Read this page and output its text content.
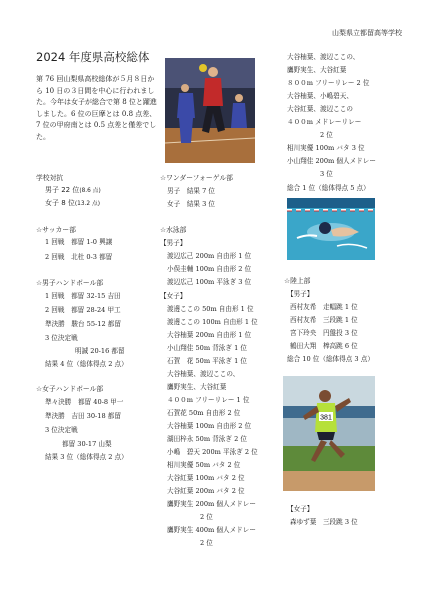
山梨県立都留高等学校
2024 年度県高校総体
第 76 回山梨県高校総体が５月８日から 10 日の３日間を中心に行われました。今年は女子が総合で第 8 位と躍進しました。6 位の巨摩とは 0.8 点差、7 位の甲府南とは 0.5 点差と僅差でした。
学校対抗
男子 22 位(8.6 点)
女子 8 位(13.2 点)
☆サッカー部
1 回戦　都留 1‐0 興譲
2 回戦　北杜 0‐3 都留
☆男子ハンドボール部
1 回戦　都留 32‐15 吉田
2 回戦　都留 28‐24 甲工
準決勝　駿台 55‐12 都留
3 位決定戦
明誠 20‐16 都留
結果 4 位（総体得点 2 点）
☆女子ハンドボール部
準々決勝　都留 40‐8 甲一
準決勝　吉田 30‐18 都留
3 位決定戦
都留 30‐17 山梨
結果 3 位（総体得点 2 点）
☆ワンダーフォーゲル部
男子　結果 7 位
女子　結果 3 位
☆水泳部
【男子】
渡辺広己 200m 自由形 1 位
小俣圭輔 100m 自由形 2 位
渡辺広己 100m 平泳ぎ 3 位
【女子】
渡邊ここの 50m 自由形 1 位
渡邊ここの 100m 自由形 1 位
大谷柚葉 200m 自由形 1 位
小山翔佳 50m 背泳ぎ 1 位
石賀　花 50m 平泳ぎ 1 位
大谷柚葉、渡辺ここの、
鷹野実生、大谷紅葉
４００m フリーリレー 1 位
石賀花 50m 自由形 2 位
大谷柚葉 100m 自由形 2 位
湖田梓永 50m 背泳ぎ 2 位
小嶋　碧天 200m 平泳ぎ 2 位
相川実優 50m バタ 2 位
大谷紅葉 100m バタ 2 位
大谷紅葉 200m バタ 2 位
鷹野実生 200m 個人メドレー
2 位
鷹野実生 400m 個人メドレー
2 位
大谷柚葉、渡辺ここの、
鷹野実生、大谷紅葉
８００m フリーリレー 2 位
大谷柚葉、小嶋碧天、
大谷紅葉、渡辺ここの
４００m メドレーリレー
2 位
相川実優 100m バタ 3 位
小山翔佳 200m 個人メドレー
3 位
総合 1 位（総体得点 5 点）
☆陸上部
【男子】
西村友希　走幅跳 1 位
西村友希　三段跳 1 位
宮下玲央　円盤投 3 位
鶴田大翔　棒高跳 6 位
総合 10 位（総体得点 3 点）
381
【女子】
森ゆず葉　三段跳 3 位
